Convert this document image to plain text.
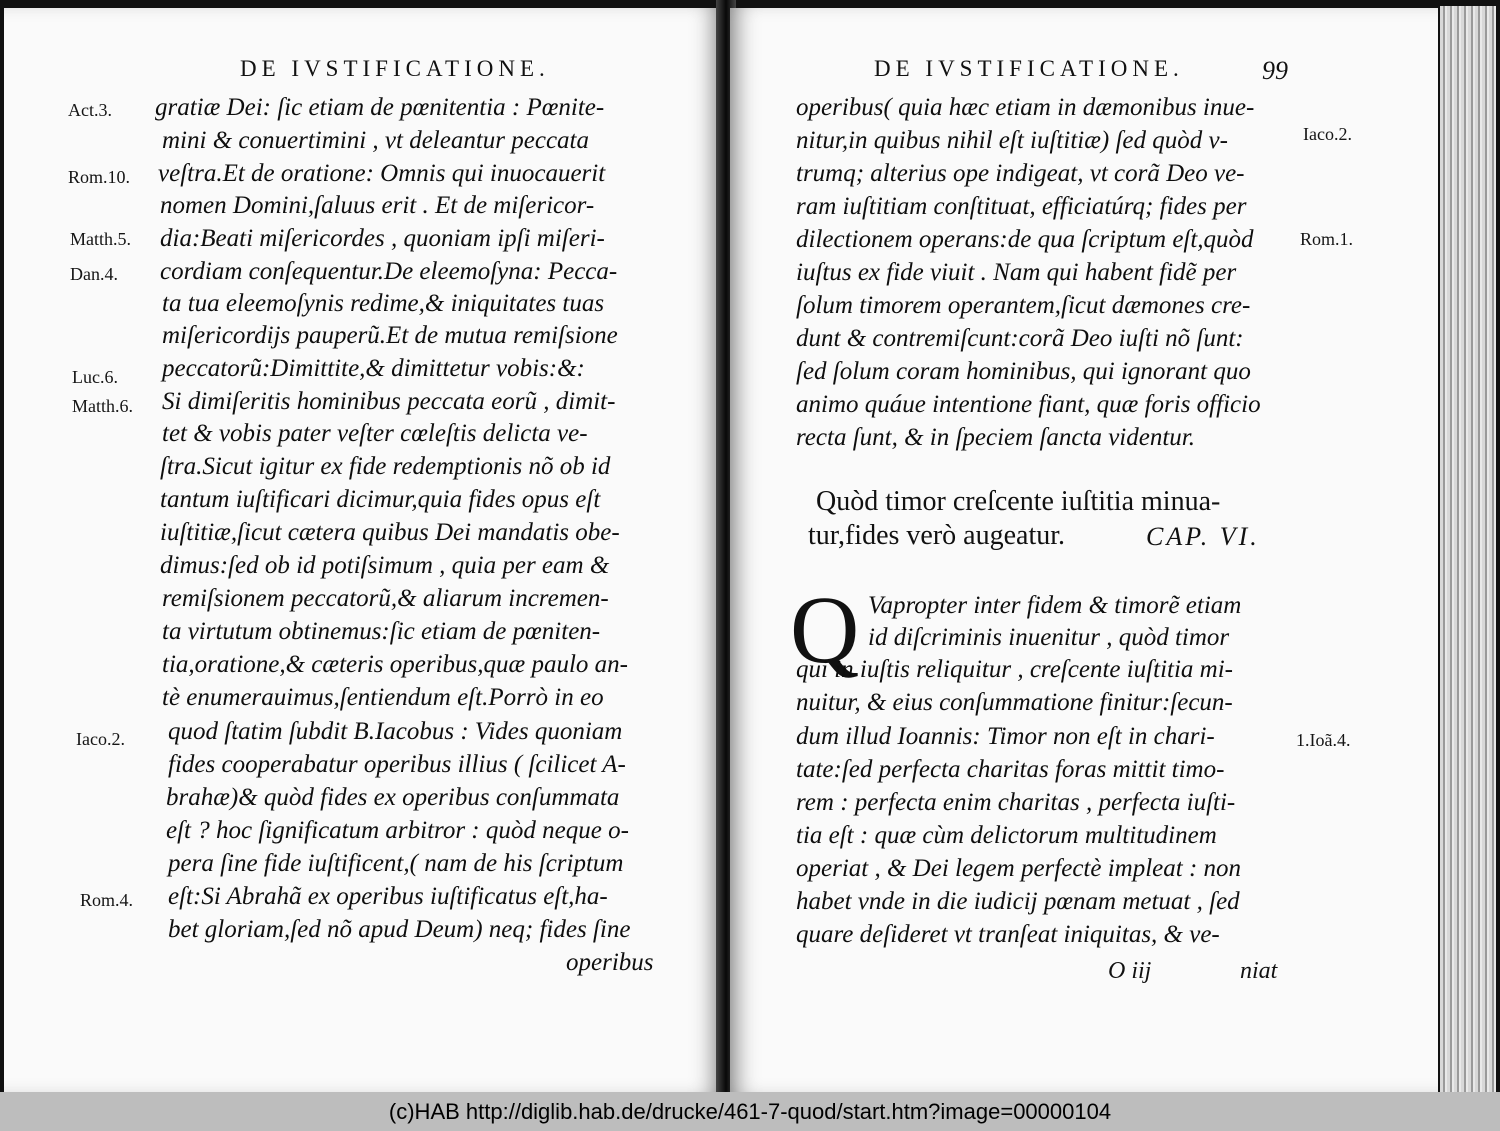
DE IVSTIFICATIONE.
gratiæ Dei: ſic etiam de pœnitentia : Pœnite-
mini & conuertimini , vt deleantur peccata
veſtra.Et de oratione: Omnis qui inuocauerit
nomen Domini,ſaluus erit . Et de miſericor-
dia:Beati miſericordes , quoniam ipſi miſeri-
cordiam conſequentur.De eleemoſyna: Pecca-
ta tua eleemoſynis redime,& iniquitates tuas
miſericordijs pauperũ.Et de mutua remiſsione
peccatorũ:Dimittite,& dimittetur vobis:&:
Si dimiſeritis hominibus peccata eorũ , dimit-
tet & vobis pater veſter cœleſtis delicta ve-
ſtra.Sicut igitur ex fide redemptionis nõ ob id
tantum iuſtificari dicimur,quia fides opus eſt
iuſtitiæ,ſicut cætera quibus Dei mandatis obe-
dimus:ſed ob id potiſsimum , quia per eam &
remiſsionem peccatorũ,& aliarum incremen-
ta virtutum obtinemus:ſic etiam de pœniten-
tia,oratione,& cæteris operibus,quæ paulo an-
tè enumerauimus,ſentiendum eſt.Porrò in eo
quod ſtatim ſubdit B.Iacobus : Vides quoniam
fides cooperabatur operibus illius ( ſcilicet A-
brahæ)& quòd fides ex operibus conſummata
eſt ? hoc ſignificatum arbitror : quòd neque o-
pera ſine fide iuſtificent,( nam de his ſcriptum
eſt:Si Abrahã ex operibus iuſtificatus eſt,ha-
bet gloriam,ſed nõ apud Deum) neq; fides ſine
operibus
Act.3.
Rom.10.
Matth.5.
Dan.4.
Luc.6.
Matth.6.
Iaco.2.
Rom.4.
DE IVSTIFICATIONE.	99
operibus( quia hæc etiam in dæmonibus inue-
nitur,in quibus nihil eſt iuſtitiæ) ſed quòd v-
trumq; alterius ope indigeat, vt corã Deo ve-
ram iuſtitiam conſtituat, efficiatúrq; fides per
dilectionem operans:de qua ſcriptum eſt,quòd
iuſtus ex fide viuit . Nam qui habent fidẽ per
ſolum timorem operantem,ſicut dæmones cre-
dunt & contremiſcunt:corã Deo iuſti nõ ſunt:
ſed ſolum coram hominibus, qui ignorant quo
animo quáue intentione fiant, quæ foris officio
recta ſunt, & in ſpeciem ſancta videntur.
Iaco.2.
Rom.1.
1.Ioã.4.
Quòd timor creſcente iuſtitia minua-
tur,fides verò augeatur.	CAP. VI.
Q Vapropter inter fidem & timorẽ etiam
id diſcriminis inuenitur , quòd timor
qui in iuſtis reliquitur , creſcente iuſtitia mi-
nuitur, & eius conſummatione finitur:ſecun-
dum illud Ioannis: Timor non eſt in chari-
tate:ſed perfecta charitas foras mittit timo-
rem : perfecta enim charitas , perfecta iuſti-
tia eſt : quæ cùm delictorum multitudinem
operiat , & Dei legem perfectè impleat : non
habet vnde in die iudicij pœnam metuat , ſed
quare deſideret vt tranſeat iniquitas, & ve-
O iij	niat
(c)HAB http://diglib.hab.de/drucke/461-7-quod/start.htm?image=00000104
